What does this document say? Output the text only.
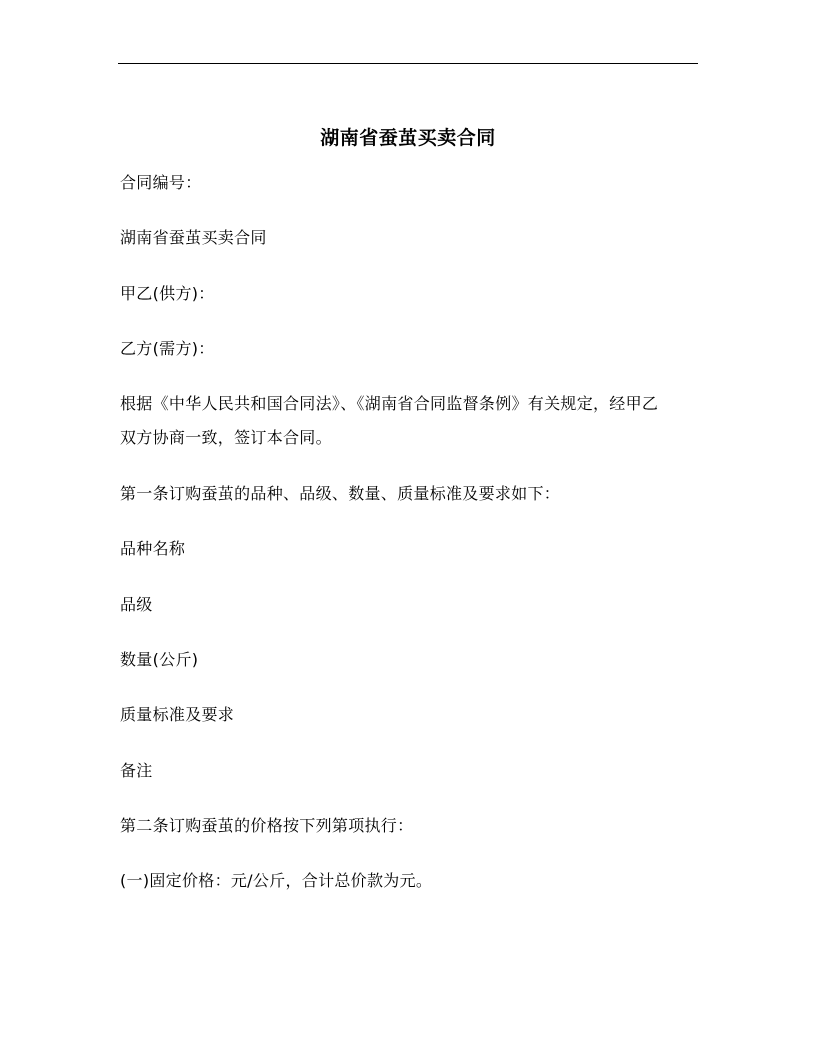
湖南省蚕茧买卖合同
合同编号：
湖南省蚕茧买卖合同
甲乙(供方)：
乙方(需方)：
根据《中华人民共和国合同法》、《湖南省合同监督条例》有关规定，经甲乙双方协商一致，签订本合同。
第一条订购蚕茧的品种、品级、数量、质量标准及要求如下：
品种名称
品级
数量(公斤)
质量标准及要求
备注
第二条订购蚕茧的价格按下列第项执行：
(一)固定价格：元/公斤，合计总价款为元。
